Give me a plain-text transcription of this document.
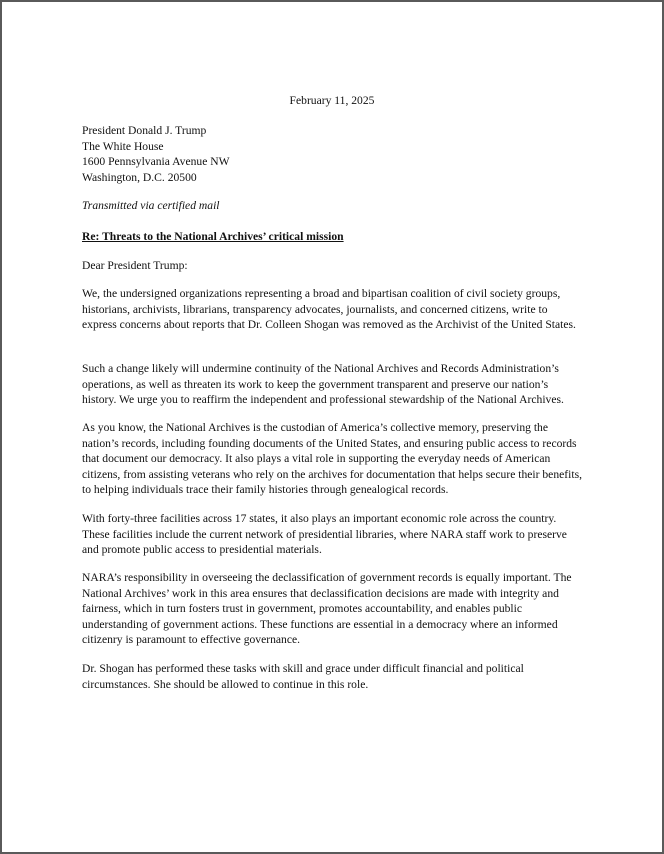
February 11, 2025
President Donald J. Trump
The White House
1600 Pennsylvania Avenue NW
Washington, D.C. 20500
Transmitted via certified mail
Re: Threats to the National Archives’ critical mission
Dear President Trump:
We, the undersigned organizations representing a broad and bipartisan coalition of civil society groups, historians, archivists, librarians, transparency advocates, journalists, and concerned citizens, write to express concerns about reports that Dr. Colleen Shogan was removed as the Archivist of the United States.
Such a change likely will undermine continuity of the National Archives and Records Administration’s operations, as well as threaten its work to keep the government transparent and preserve our nation’s history. We urge you to reaffirm the independent and professional stewardship of the National Archives.
As you know, the National Archives is the custodian of America’s collective memory, preserving the nation’s records, including founding documents of the United States, and ensuring public access to records that document our democracy. It also plays a vital role in supporting the everyday needs of American citizens, from assisting veterans who rely on the archives for documentation that helps secure their benefits, to helping individuals trace their family histories through genealogical records.
With forty-three facilities across 17 states, it also plays an important economic role across the country. These facilities include the current network of presidential libraries, where NARA staff work to preserve and promote public access to presidential materials.
NARA’s responsibility in overseeing the declassification of government records is equally important. The National Archives’ work in this area ensures that declassification decisions are made with integrity and fairness, which in turn fosters trust in government, promotes accountability, and enables public understanding of government actions. These functions are essential in a democracy where an informed citizenry is paramount to effective governance.
Dr. Shogan has performed these tasks with skill and grace under difficult financial and political circumstances. She should be allowed to continue in this role.
